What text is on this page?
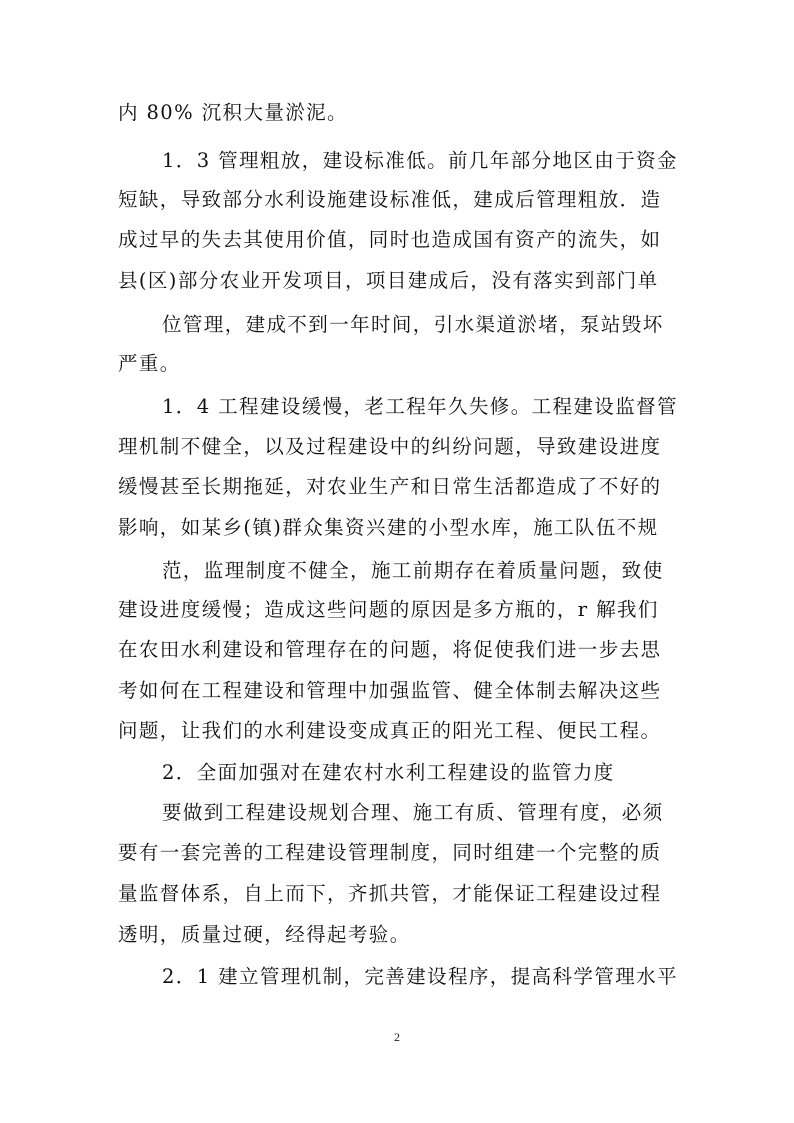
内 80% 沉积大量淤泥。
1．3 管理粗放，建设标准低。前几年部分地区由于资金
短缺，导致部分水利设施建设标准低，建成后管理粗放．造
成过早的失去其使用价值，同时也造成国有资产的流失，如
县(区)部分农业开发项目，项目建成后，没有落实到部门单
位管理，建成不到一年时间，引水渠道淤堵，泵站毁坏
严重。
1．4 工程建设缓慢，老工程年久失修。工程建设监督管
理机制不健全，以及过程建设中的纠纷问题，导致建设进度
缓慢甚至长期拖延，对农业生产和日常生活都造成了不好的
影响，如某乡(镇)群众集资兴建的小型水库，施工队伍不规
范，监理制度不健全，施工前期存在着质量问题，致使
建设进度缓慢；造成这些问题的原因是多方瓶的，r 解我们
在农田水利建设和管理存在的问题，将促使我们进一步去思
考如何在工程建设和管理中加强监管、健全体制去解决这些
问题，让我们的水利建设变成真正的阳光工程、便民工程。
2．全面加强对在建农村水利工程建设的监管力度
要做到工程建设规划合理、施工有质、管理有度，必须
要有一套完善的工程建设管理制度，同时组建一个完整的质
量监督体系，自上而下，齐抓共管，才能保证工程建设过程
透明，质量过硬，经得起考验。
2．1 建立管理机制，完善建设程序，提高科学管理水平
2
